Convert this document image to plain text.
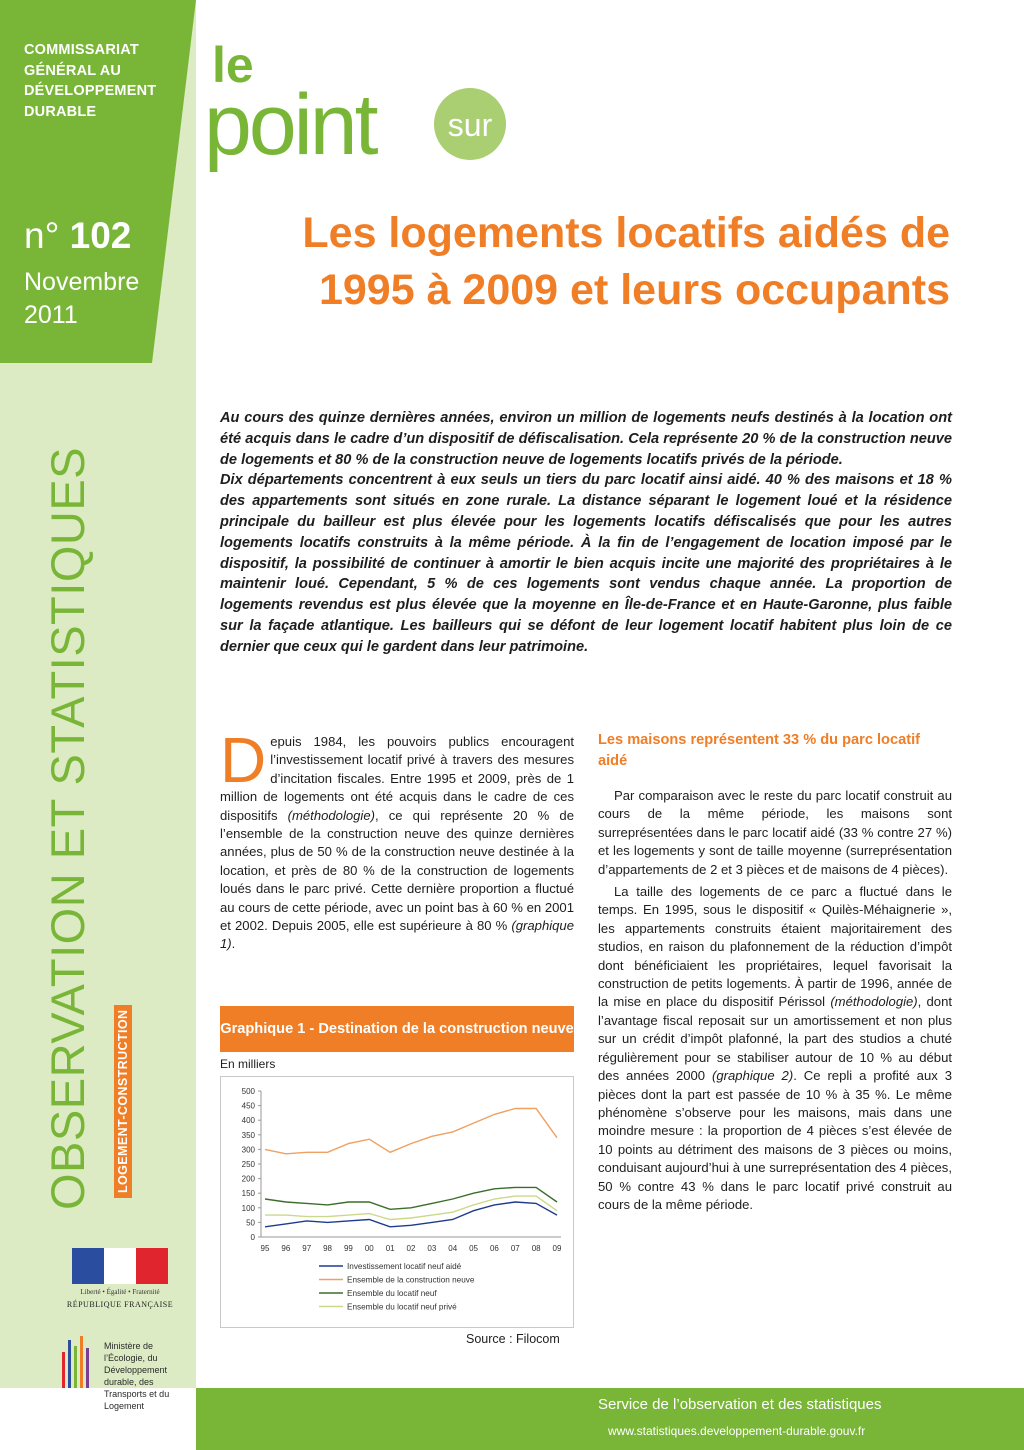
COMMISSARIAT GÉNÉRAL AU DÉVELOPPEMENT DURABLE

n° 102

Novembre 2011

OBSERVATION ET STATISTIQUES LOGEMENT-CONSTRUCTION
Liberté • Égalité • Fraternité
RÉPUBLIQUE FRANÇAISE

Ministère de l’Écologie, du Développement durable, des Transports et du Logement

le
point sur
Les logements locatifs aidés de 1995 à 2009 et leurs occupants

Au cours des quinze dernières années, environ un million de logements neufs destinés à la location ont été acquis dans le cadre d’un dispositif de défiscalisation. Cela représente 20 % de la construction neuve de logements et 80 % de la construction neuve de logements locatifs privés de la période.

Dix départements concentrent à eux seuls un tiers du parc locatif ainsi aidé. 40 % des maisons et 18 % des appartements sont situés en zone rurale. La distance séparant le logement loué et la résidence principale du bailleur est plus élevée pour les logements locatifs défiscalisés que pour les autres logements locatifs construits à la même période. À la fin de l’engagement de location imposé par le dispositif, la possibilité de continuer à amortir le bien acquis incite une majorité des propriétaires à le maintenir loué. Cependant, 5 % de ces logements sont vendus chaque année. La proportion de logements revendus est plus élevée que la moyenne en Île-de-France et en Haute-Garonne, plus faible sur la façade atlantique. Les bailleurs qui se défont de leur logement locatif habitent plus loin de ce dernier que ceux qui le gardent dans leur patrimoine.

Depuis 1984, les pouvoirs publics encouragent l’investissement locatif privé à travers des mesures d’incitation fiscales. Entre 1995 et 2009, près de 1 million de logements ont été acquis dans le cadre de ces dispositifs (méthodologie), ce qui représente 20 % de l’ensemble de la construction neuve des quinze dernières années, plus de 50 % de la construction neuve destinée à la location, et près de 80 % de la construction de logements loués dans le parc privé. Cette dernière proportion a fluctué au cours de cette période, avec un point bas à 60 % en 2001 et 2002. Depuis 2005, elle est supérieure à 80 % (graphique 1).

Graphique 1 - Destination de la construction neuve

En milliers

500
450
400
350
300
250
200
150
100
50
0
95 96 97 98 99 00 01 02 03 04 05 06 07 08 09
Investissement locatif neuf aidé
Ensemble de la construction neuve
Ensemble du locatif neuf
Ensemble du locatif neuf privé

Source : Filocom

Les maisons représentent 33 % du parc locatif aidé

Par comparaison avec le reste du parc locatif construit au cours de la même période, les maisons sont surreprésentées dans le parc locatif aidé (33 % contre 27 %) et les logements y sont de taille moyenne (surreprésentation d’appartements de 2 et 3 pièces et de maisons de 4 pièces).

La taille des logements de ce parc a fluctué dans le temps. En 1995, sous le dispositif « Quilès-Méhaignerie », les appartements construits étaient majoritairement des studios, en raison du plafonnement de la réduction d’impôt dont bénéficiaient les propriétaires, lequel favorisait la construction de petits logements. À partir de 1996, année de la mise en place du dispositif Périssol (méthodologie), dont l’avantage fiscal reposait sur un amortissement et non plus sur un crédit d’impôt plafonné, la part des studios a chuté régulièrement pour se stabiliser autour de 10 % au début des années 2000 (graphique 2). Ce repli a profité aux 3 pièces dont la part est passée de 10 % à 35 %. Le même phénomène s’observe pour les maisons, mais dans une moindre mesure : la proportion de 4 pièces s’est élevée de 10 points au détriment des maisons de 3 pièces ou moins, conduisant aujourd’hui à une surreprésentation des 4 pièces, 50 % contre 43 % dans le parc locatif privé construit au cours de la même période.

Service de l’observation et des statistiques

www.statistiques.developpement-durable.gouv.fr
